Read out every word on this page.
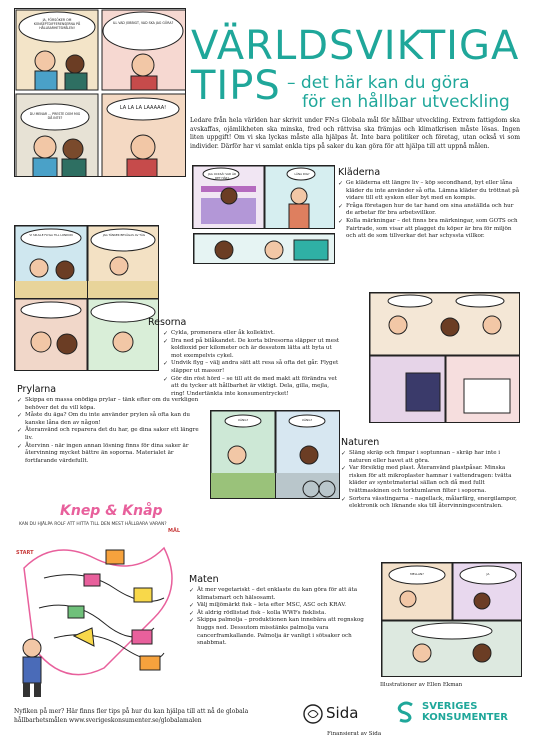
VÄRLDSVIKTIGA
TIPS – det här kan du göra
för en hållbar utveckling

Ledare från hela världen har skrivit under FN:s Globala mål för hållbar utveckling. Extrem fattigdom ska avskaffas, ojämlikheten ska minska, fred och rättvisa ska främjas och klimatkrisen måste lösas. Ingen liten uppgift! Om vi ska lyckas måste alla hjälpas åt. Inte bara politiker och företag, utan också vi som individer. Därför har vi samlat enkla tips på saker du kan göra för att hjälpa till att uppnå målen.

JA, FÖRSÖKER OM KONSEPTDIFFERENSERNA PÅ HÅLLBARHETSMÅLEN!
ILL VAD JOBBIGT, VAD SKA JAG GÖRA?
DU MENAR ... PRESTE DOM MIG DÅ INTE?
LA LA LA LAAAAA!
JAG OCKSÅ! VAD ÄR DET HÄR?
LÅNA DIG?	Kläderna
✓ Ge kläderna ett längre liv – köp secondhand, byt eller låna kläder du inte använder så ofta. Lämna kläder du tröttnat på vidare till ett syskon eller byt med en kompis.
✓ Fråga företagen hur de tar hand om sina anställda och hur de arbetar för bra arbetsvillkor.
✓ Kolla märkningar – det finns bra märkningar, som GOTS och Fairtrade, som visar att plagget du köper är bra för miljön och att de som tillverkar det har schyssta villkor.
VI SKULLE FLYGA TILL LONDON	JAG TÄNKER BEVÅGAS AV TÅG
Resorna
✓ Cykla, promenera eller åk kollektivt.
✓ Dra ned på bilåkandet. De korta bilresorna släpper ut mest koldioxid per kilometer och är dessutom lätta att byta ut mot exempelvis cykel.
✓ Undvik flyg – välj andra sätt att resa så ofta det går. Flyget släpper ut massor!
✓ Gör din röst hörd – se till att de med makt att förändra vet att du tycker att hållbarhet är viktigt. Dela, gilla, mejla, ring! Undertänkta inte konsumentrycket!
Prylarna
✓ Skippa en massa onödiga prylar – tänk efter om du verkligen behöver det du vill köpa.
✓ Måste du äga? Om du inte använder prylen så ofta kan du kanske låna den av någon!
✓ Återanvänd och reparera det du har, ge dina saker ett längre liv.
✓ Återvinn - när ingen annan lösning finns för dina saker är återvinning mycket bättre än soporna. Materialet är fortfarande värdefullt.
UÄNG?	UÄNG?
Naturen
✓ Släng skräp och fimpar i soptunnan – skräp har inte i naturen eller havet att göra.
✓ Var försiktig med plast. Återanvänd plastpåsar. Minska risken för att mikroplaster hamnar i vattendragen: tvätta kläder av syntetmaterial sällan och då med fullt tvättmaskinen och torktumlaren filter i soporna.
✓ Sortera vässtingarna – nagellack, målarfärg, energilampor, elektronik och liknande ska till återvinningscentralen.
Knep & Knåp
KAN DU HJÄLPA ROLF ATT HITTA TILL DEN MEST HÅLLBARA VARAN?
START
MÅL
Maten
✓ Ät mer vegetariskt – det enklaste du kan göra för att äta klimatsmart och hälsosamt.
✓ Välj miljömärkt fisk – leta efter MSC, ASC och KRAV.
✓ Ät aldrig rödlistad fisk – kolla WWFs fisklista.
✓ Skippa palmolja – produktionen kan innebära att regnskog huggs ned. Dessutom misstänks palmolja vara cancerframkallande. Palmolja är vanligt i sötsaker och snabbmat.
MELLAN?	JA
Illustrationer av Ellen Ekman

Nyfiken på mer? Här finns fler tips på hur du kan hjälpa till att nå de globala hållbarhetsmålen www.sverigeskonsumenter.se/globalamalen	Sida
Finansierat av Sida
SVERIGES
KONSUMENTER
